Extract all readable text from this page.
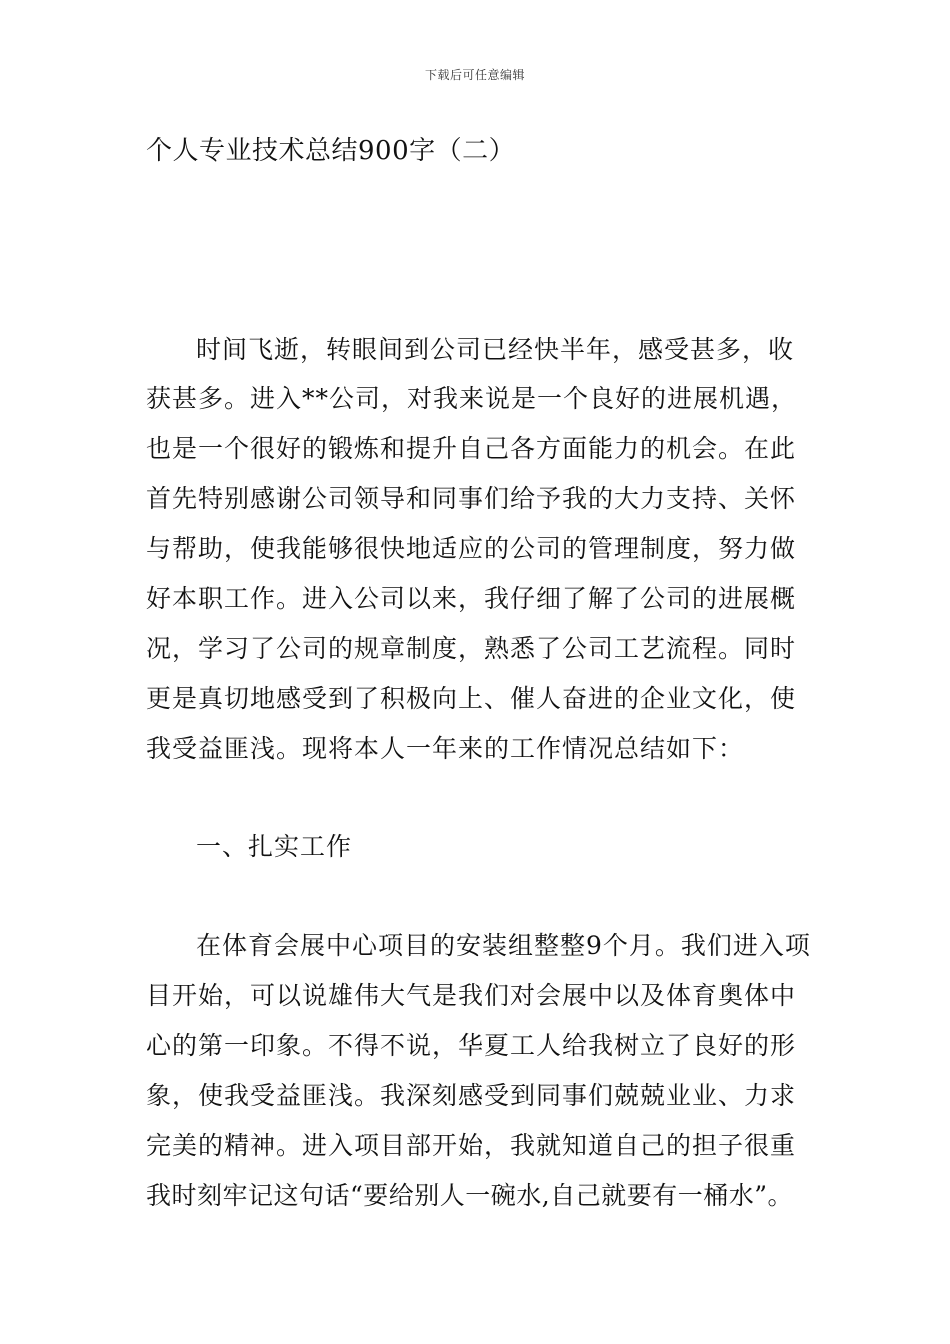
下载后可任意编辑
个人专业技术总结900字（二）
时间飞逝，转眼间到公司已经快半年，感受甚多，收
获甚多。进入**公司，对我来说是一个良好的进展机遇，
也是一个很好的锻炼和提升自己各方面能力的机会。在此
首先特别感谢公司领导和同事们给予我的大力支持、关怀
与帮助，使我能够很快地适应的公司的管理制度，努力做
好本职工作。进入公司以来，我仔细了解了公司的进展概
况，学习了公司的规章制度，熟悉了公司工艺流程。同时
更是真切地感受到了积极向上、催人奋进的企业文化，使
我受益匪浅。现将本人一年来的工作情况总结如下：
一、扎实工作
在体育会展中心项目的安装组整整9个月。我们进入项
目开始，可以说雄伟大气是我们对会展中以及体育奥体中
心的第一印象。不得不说，华夏工人给我树立了良好的形
象，使我受益匪浅。我深刻感受到同事们兢兢业业、力求
完美的精神。进入项目部开始，我就知道自己的担子很重
我时刻牢记这句话“要给别人一碗水,自己就要有一桶水”。
